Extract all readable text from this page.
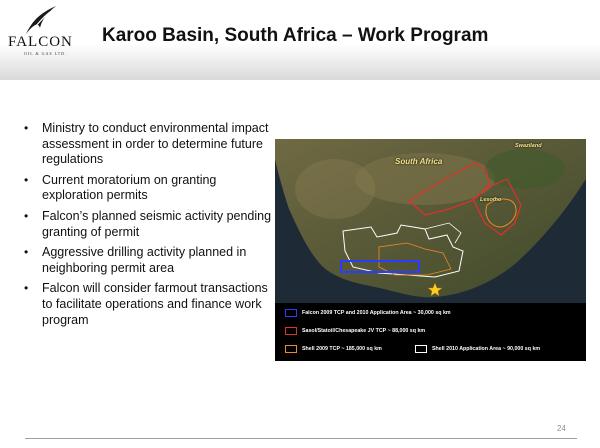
FALCON
OIL & GAS LTD.
Karoo Basin, South Africa – Work Program
• Ministry to conduct environmental impact assessment in order to determine future regulations
• Current moratorium on granting exploration permits
• Falcon’s planned seismic activity pending granting of permit
• Aggressive drilling activity planned in neighboring permit area
• Falcon will consider farmout transactions to facilitate operations and finance work program
South Africa
Swaziland
Lesotho
Falcon 2009 TCP and 2010 Application Area ~ 30,000 sq km
Sasol/Statoil/Chesapeake JV TCP ~ 88,000 sq km
Shell 2009 TCP ~ 185,000 sq km	Shell 2010 Application Area ~ 90,000 sq km
24
